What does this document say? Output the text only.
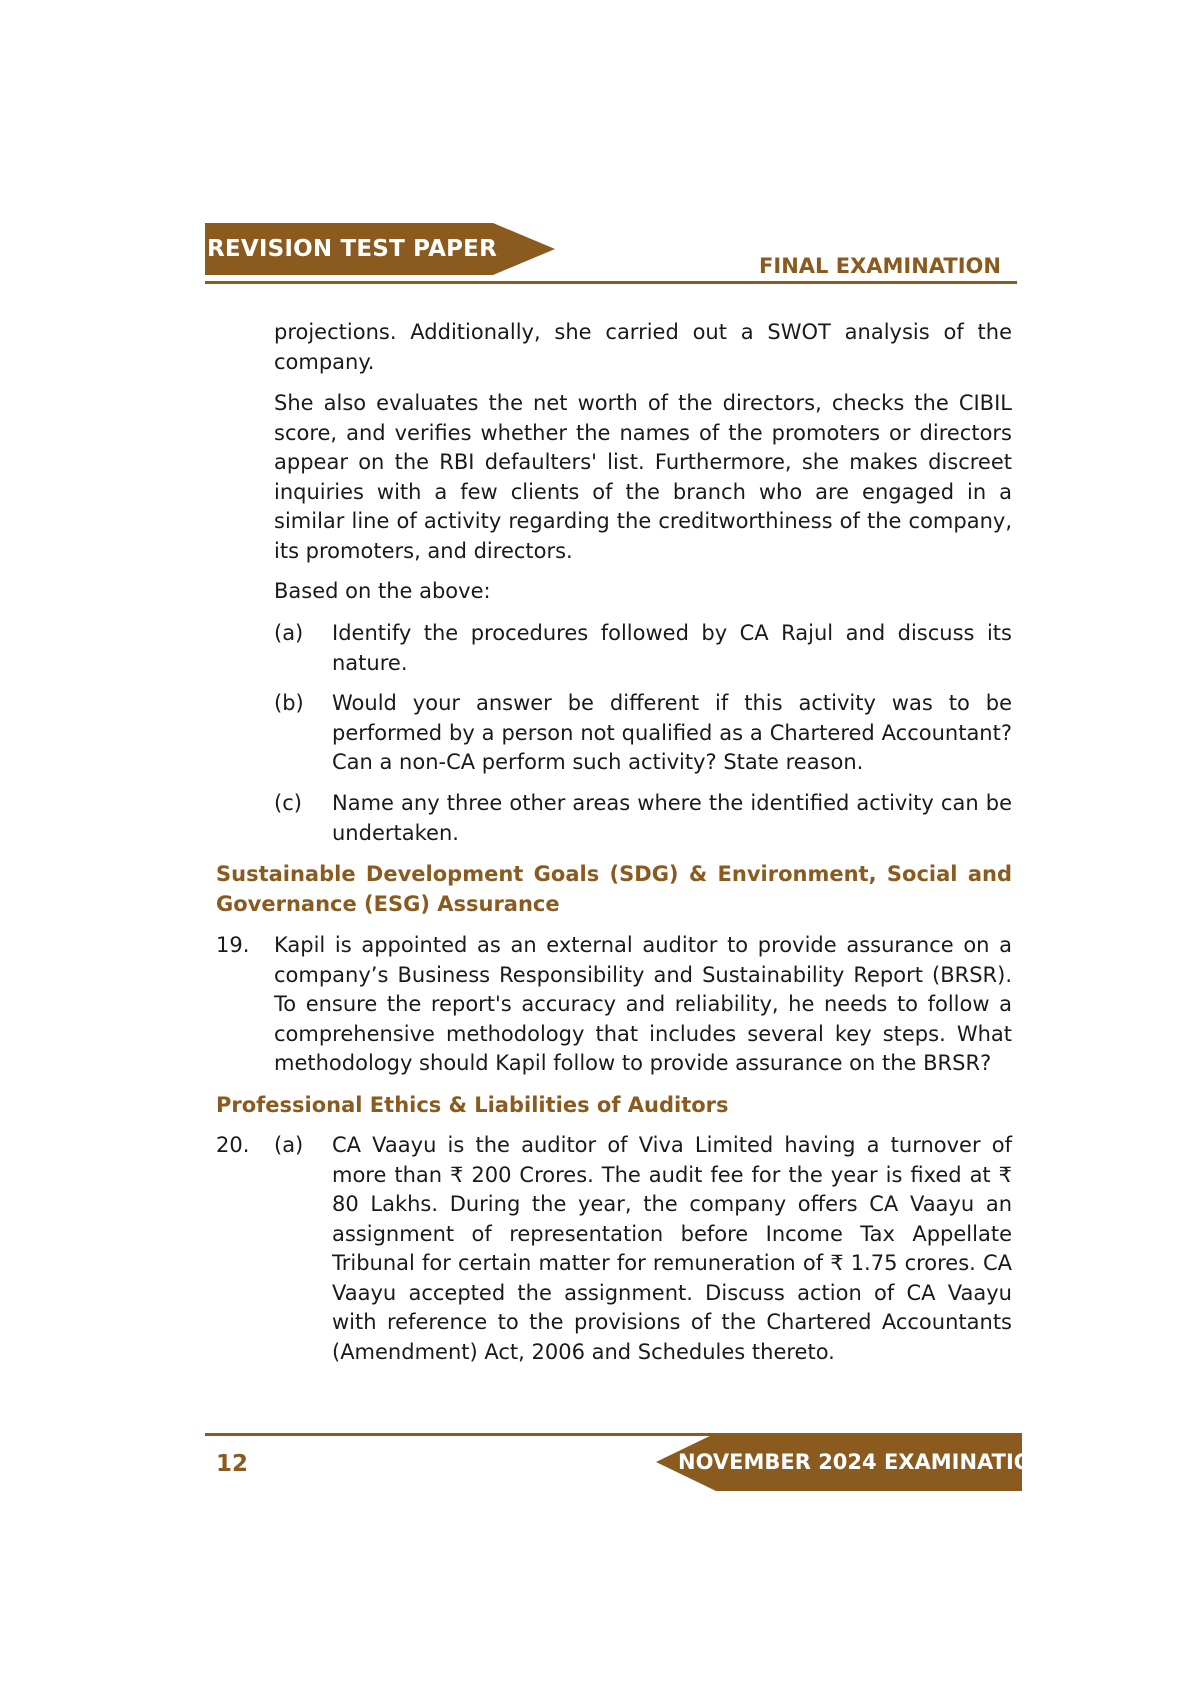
REVISION TEST PAPER
FINAL EXAMINATION

projections. Additionally, she carried out a SWOT analysis of the company.

She also evaluates the net worth of the directors, checks the CIBIL score, and verifies whether the names of the promoters or directors appear on the RBI defaulters' list. Furthermore, she makes discreet inquiries with a few clients of the branch who are engaged in a similar line of activity regarding the creditworthiness of the company, its promoters, and directors.

Based on the above:

(a) Identify the procedures followed by CA Rajul and discuss its nature.

(b) Would your answer be different if this activity was to be performed by a person not qualified as a Chartered Accountant? Can a non-CA perform such activity? State reason.

(c) Name any three other areas where the identified activity can be undertaken.

Sustainable Development Goals (SDG) & Environment, Social and Governance (ESG) Assurance

19. Kapil is appointed as an external auditor to provide assurance on a company’s Business Responsibility and Sustainability Report (BRSR). To ensure the report's accuracy and reliability, he needs to follow a comprehensive methodology that includes several key steps. What methodology should Kapil follow to provide assurance on the BRSR?

Professional Ethics & Liabilities of Auditors

20. (a) CA Vaayu is the auditor of Viva Limited having a turnover of more than ₹ 200 Crores. The audit fee for the year is fixed at ₹ 80 Lakhs. During the year, the company offers CA Vaayu an assignment of representation before Income Tax Appellate Tribunal for certain matter for remuneration of ₹ 1.75 crores. CA Vaayu accepted the assignment. Discuss action of CA Vaayu with reference to the provisions of the Chartered Accountants (Amendment) Act, 2006 and Schedules thereto.

12	NOVEMBER 2024 EXAMINATION
